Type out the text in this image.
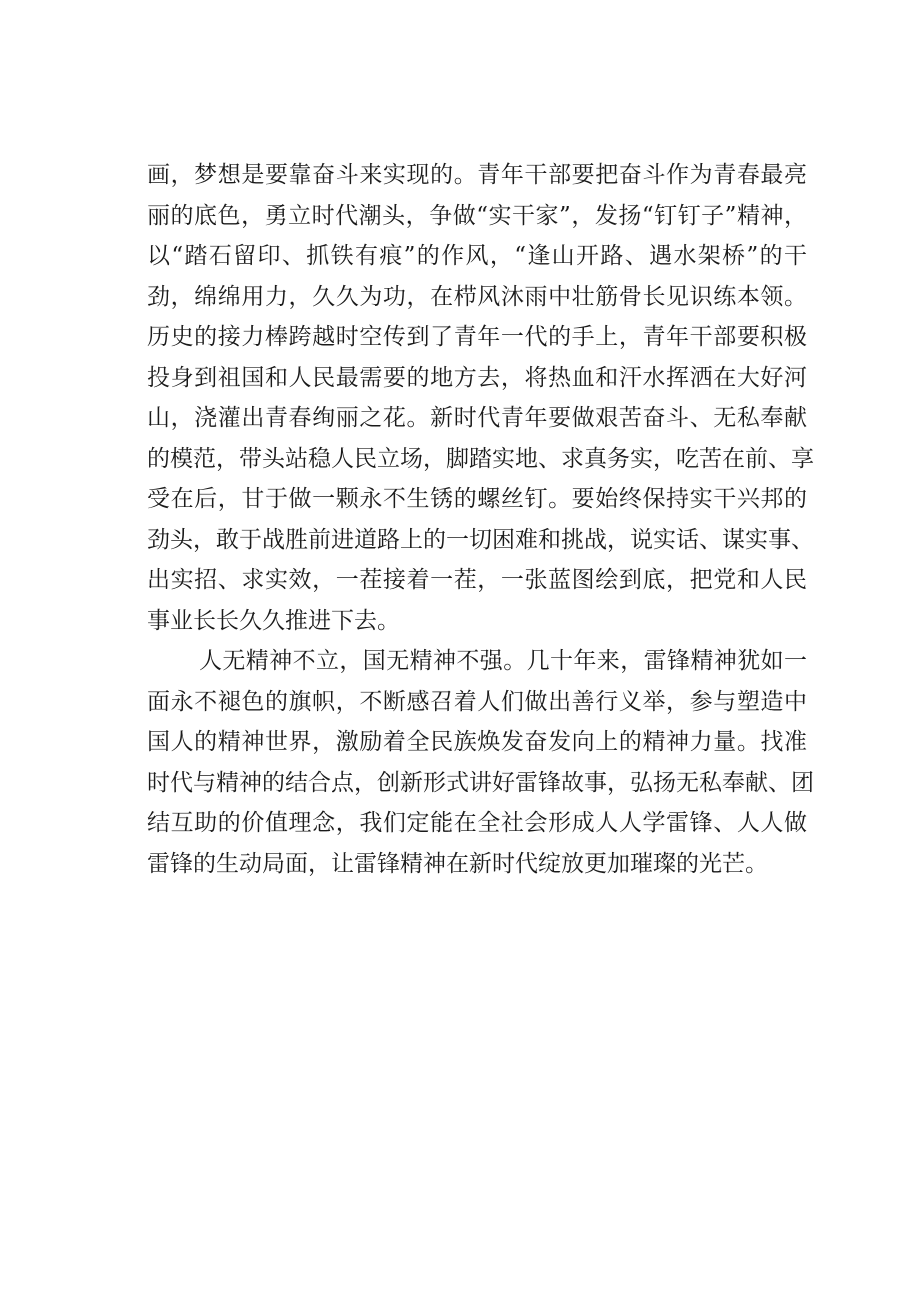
画，梦想是要靠奋斗来实现的。青年干部要把奋斗作为青春最亮
丽的底色，勇立时代潮头，争做“实干家”，发扬“钉钉子”精神，
以“踏石留印、抓铁有痕”的作风，“逢山开路、遇水架桥”的干
劲，绵绵用力，久久为功，在栉风沐雨中壮筋骨长见识练本领。
历史的接力棒跨越时空传到了青年一代的手上，青年干部要积极
投身到祖国和人民最需要的地方去，将热血和汗水挥洒在大好河
山，浇灌出青春绚丽之花。新时代青年要做艰苦奋斗、无私奉献
的模范，带头站稳人民立场，脚踏实地、求真务实，吃苦在前、享
受在后，甘于做一颗永不生锈的螺丝钉。要始终保持实干兴邦的
劲头，敢于战胜前进道路上的一切困难和挑战，说实话、谋实事、
出实招、求实效，一茬接着一茬，一张蓝图绘到底，把党和人民
事业长长久久推进下去。
人无精神不立，国无精神不强。几十年来，雷锋精神犹如一
面永不褪色的旗帜，不断感召着人们做出善行义举，参与塑造中
国人的精神世界，激励着全民族焕发奋发向上的精神力量。找准
时代与精神的结合点，创新形式讲好雷锋故事，弘扬无私奉献、团
结互助的价值理念，我们定能在全社会形成人人学雷锋、人人做
雷锋的生动局面，让雷锋精神在新时代绽放更加璀璨的光芒。
